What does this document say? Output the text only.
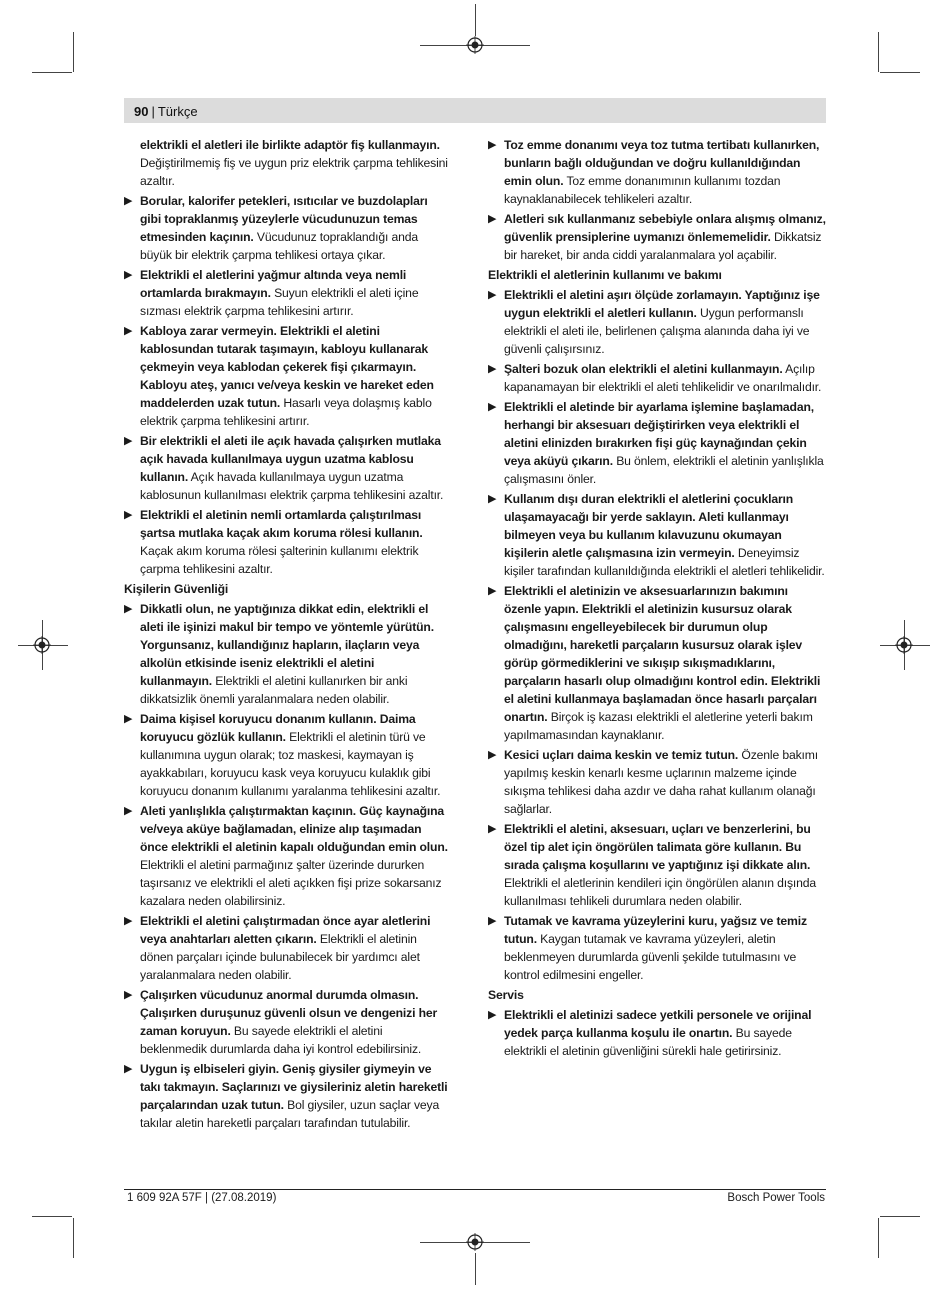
90 | Türkçe
elektrikli el aletleri ile birlikte adaptör fiş kullanmayın. Değiştirilmemiş fiş ve uygun priz elektrik çarpma tehlikesini azaltır.
▶ Borular, kalorifer petekleri, ısıtıcılar ve buzdolapları gibi topraklanmış yüzeylerle vücudunuzun temas etmesinden kaçının. Vücudunuz topraklandığı anda büyük bir elektrik çarpma tehlikesi ortaya çıkar.
▶ Elektrikli el aletlerini yağmur altında veya nemli ortamlarda bırakmayın. Suyun elektrikli el aleti içine sızması elektrik çarpma tehlikesini artırır.
▶ Kabloya zarar vermeyin. Elektrikli el aletini kablosundan tutarak taşımayın, kabloyu kullanarak çekmeyin veya kablodan çekerek fişi çıkarmayın. Kabloyu ateş, yanıcı ve/veya keskin ve hareket eden maddelerden uzak tutun. Hasarlı veya dolaşmış kablo elektrik çarpma tehlikesini artırır.
▶ Bir elektrikli el aleti ile açık havada çalışırken mutlaka açık havada kullanılmaya uygun uzatma kablosu kullanın. Açık havada kullanılmaya uygun uzatma kablosunun kullanılması elektrik çarpma tehlikesini azaltır.
▶ Elektrikli el aletinin nemli ortamlarda çalıştırılması şartsa mutlaka kaçak akım koruma rölesi kullanın. Kaçak akım koruma rölesi şalterinin kullanımı elektrik çarpma tehlikesini azaltır.
Kişilerin Güvenliği
▶ Dikkatli olun, ne yaptığınıza dikkat edin, elektrikli el aleti ile işinizi makul bir tempo ve yöntemle yürütün. Yorgunsanız, kullandığınız hapların, ilaçların veya alkolün etkisinde iseniz elektrikli el aletini kullanmayın. Elektrikli el aletini kullanırken bir anki dikkatsizlik önemli yaralanmalara neden olabilir.
▶ Daima kişisel koruyucu donanım kullanın. Daima koruyucu gözlük kullanın. Elektrikli el aletinin türü ve kullanımına uygun olarak; toz maskesi, kaymayan iş ayakkabıları, koruyucu kask veya koruyucu kulaklık gibi koruyucu donanım kullanımı yaralanma tehlikesini azaltır.
▶ Aleti yanlışlıkla çalıştırmaktan kaçının. Güç kaynağına ve/veya aküye bağlamadan, elinize alıp taşımadan önce elektrikli el aletinin kapalı olduğundan emin olun. Elektrikli el aletini parmağınız şalter üzerinde dururken taşırsanız ve elektrikli el aleti açıkken fişi prize sokarsanız kazalara neden olabilirsiniz.
▶ Elektrikli el aletini çalıştırmadan önce ayar aletlerini veya anahtarları aletten çıkarın. Elektrikli el aletinin dönen parçaları içinde bulunabilecek bir yardımcı alet yaralanmalara neden olabilir.
▶ Çalışırken vücudunuz anormal durumda olmasın. Çalışırken duruşunuz güvenli olsun ve dengenizi her zaman koruyun. Bu sayede elektrikli el aletini beklenmedik durumlarda daha iyi kontrol edebilirsiniz.
▶ Uygun iş elbiseleri giyin. Geniş giysiler giymeyin ve takı takmayın. Saçlarınızı ve giysileriniz aletin hareketli parçalarından uzak tutun. Bol giysiler, uzun saçlar veya takılar aletin hareketli parçaları tarafından tutulabilir.
▶ Toz emme donanımı veya toz tutma tertibatı kullanırken, bunların bağlı olduğundan ve doğru kullanıldığından emin olun. Toz emme donanımının kullanımı tozdan kaynaklanabilecek tehlikeleri azaltır.
▶ Aletleri sık kullanmanız sebebiyle onlara alışmış olmanız, güvenlik prensiplerine uymanızı önlememelidir. Dikkatsiz bir hareket, bir anda ciddi yaralanmalara yol açabilir.
Elektrikli el aletlerinin kullanımı ve bakımı
▶ Elektrikli el aletini aşırı ölçüde zorlamayın. Yaptığınız işe uygun elektrikli el aletleri kullanın. Uygun performanslı elektrikli el aleti ile, belirlenen çalışma alanında daha iyi ve güvenli çalışırsınız.
▶ Şalteri bozuk olan elektrikli el aletini kullanmayın. Açılıp kapanamayan bir elektrikli el aleti tehlikelidir ve onarılmalıdır.
▶ Elektrikli el aletinde bir ayarlama işlemine başlamadan, herhangi bir aksesuarı değiştirirken veya elektrikli el aletini elinizden bırakırken fişi güç kaynağından çekin veya aküyü çıkarın. Bu önlem, elektrikli el aletinin yanlışlıkla çalışmasını önler.
▶ Kullanım dışı duran elektrikli el aletlerini çocukların ulaşamayacağı bir yerde saklayın. Aleti kullanmayı bilmeyen veya bu kullanım kılavuzunu okumayan kişilerin aletle çalışmasına izin vermeyin. Deneyimsiz kişiler tarafından kullanıldığında elektrikli el aletleri tehlikelidir.
▶ Elektrikli el aletinizin ve aksesuarlarınızın bakımını özenle yapın. Elektrikli el aletinizin kusursuz olarak çalışmasını engelleyebilecek bir durumun olup olmadığını, hareketli parçaların kusursuz olarak işlev görüp görmediklerini ve sıkışıp sıkışmadıklarını, parçaların hasarlı olup olmadığını kontrol edin. Elektrikli el aletini kullanmaya başlamadan önce hasarlı parçaları onartın. Birçok iş kazası elektrikli el aletlerine yeterli bakım yapılmamasından kaynaklanır.
▶ Kesici uçları daima keskin ve temiz tutun. Özenle bakımı yapılmış keskin kenarlı kesme uçlarının malzeme içinde sıkışma tehlikesi daha azdır ve daha rahat kullanım olanağı sağlarlar.
▶ Elektrikli el aletini, aksesuarı, uçları ve benzerlerini, bu özel tip alet için öngörülen talimata göre kullanın. Bu sırada çalışma koşullarını ve yaptığınız işi dikkate alın. Elektrikli el aletlerinin kendileri için öngörülen alanın dışında kullanılması tehlikeli durumlara neden olabilir.
▶ Tutamak ve kavrama yüzeylerini kuru, yağsız ve temiz tutun. Kaygan tutamak ve kavrama yüzeyleri, aletin beklenmeyen durumlarda güvenli şekilde tutulmasını ve kontrol edilmesini engeller.
Servis
▶ Elektrikli el aletinizi sadece yetkili personele ve orijinal yedek parça kullanma koşulu ile onartın. Bu sayede elektrikli el aletinin güvenliğini sürekli hale getirirsiniz.
1 609 92A 57F | (27.08.2019)	Bosch Power Tools
